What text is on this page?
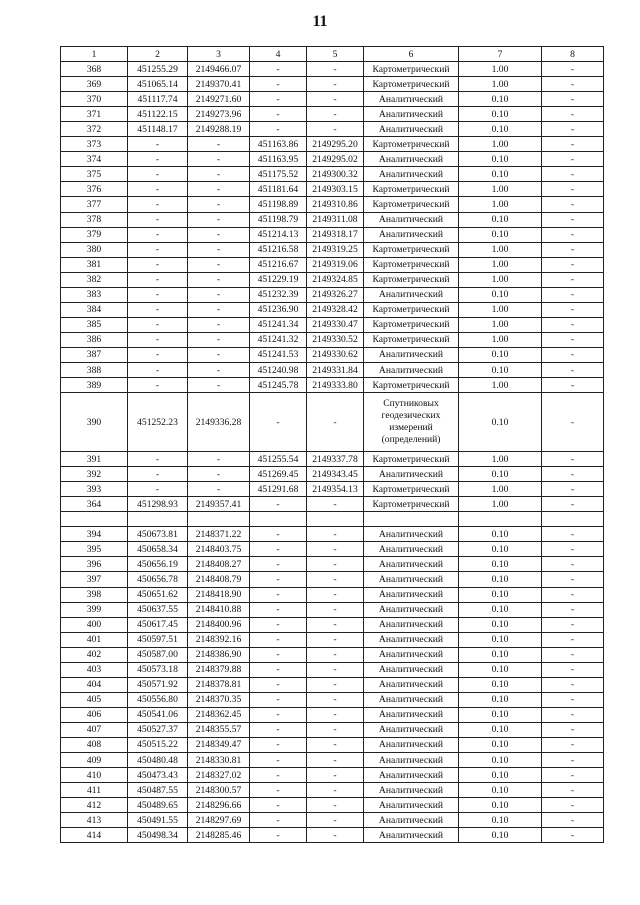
11
1	2	3	4	5	6	7	8
368	451255.29	2149466.07	-	-	Картометрический	1.00	-
369	451065.14	2149370.41	-	-	Картометрический	1.00	-
370	451117.74	2149271.60	-	-	Аналитический	0.10	-
371	451122.15	2149273.96	-	-	Аналитический	0.10	-
372	451148.17	2149288.19	-	-	Аналитический	0.10	-
373	-	-	451163.86	2149295.20	Картометрический	1.00	-
374	-	-	451163.95	2149295.02	Аналитический	0.10	-
375	-	-	451175.52	2149300.32	Аналитический	0.10	-
376	-	-	451181.64	2149303.15	Картометрический	1.00	-
377	-	-	451198.89	2149310.86	Картометрический	1.00	-
378	-	-	451198.79	2149311.08	Аналитический	0.10	-
379	-	-	451214.13	2149318.17	Аналитический	0.10	-
380	-	-	451216.58	2149319.25	Картометрический	1.00	-
381	-	-	451216.67	2149319.06	Картометрический	1.00	-
382	-	-	451229.19	2149324.85	Картометрический	1.00	-
383	-	-	451232.39	2149326.27	Аналитический	0.10	-
384	-	-	451236.90	2149328.42	Картометрический	1.00	-
385	-	-	451241.34	2149330.47	Картометрический	1.00	-
386	-	-	451241.32	2149330.52	Картометрический	1.00	-
387	-	-	451241.53	2149330.62	Аналитический	0.10	-
388	-	-	451240.98	2149331.84	Аналитический	0.10	-
389	-	-	451245.78	2149333.80	Картометрический	1.00	-
390	451252.23	2149336.28	-	-	Спутниковых геодезических измерений (определений)	0.10	-
391	-	-	451255.54	2149337.78	Картометрический	1.00	-
392	-	-	451269.45	2149343.45	Аналитический	0.10	-
393	-	-	451291.68	2149354.13	Картометрический	1.00	-
364	451298.93	2149357.41	-	-	Картометрический	1.00	-

394	450673.81	2148371.22	-	-	Аналитический	0.10	-
395	450658.34	2148403.75	-	-	Аналитический	0.10	-
396	450656.19	2148408.27	-	-	Аналитический	0.10	-
397	450656.78	2148408.79	-	-	Аналитический	0.10	-
398	450651.62	2148418.90	-	-	Аналитический	0.10	-
399	450637.55	2148410.88	-	-	Аналитический	0.10	-
400	450617.45	2148400.96	-	-	Аналитический	0.10	-
401	450597.51	2148392.16	-	-	Аналитический	0.10	-
402	450587.00	2148386.90	-	-	Аналитический	0.10	-
403	450573.18	2148379.88	-	-	Аналитический	0.10	-
404	450571.92	2148378.81	-	-	Аналитический	0.10	-
405	450556.80	2148370.35	-	-	Аналитический	0.10	-
406	450541.06	2148362.45	-	-	Аналитический	0.10	-
407	450527.37	2148355.57	-	-	Аналитический	0.10	-
408	450515.22	2148349.47	-	-	Аналитический	0.10	-
409	450480.48	2148330.81	-	-	Аналитический	0.10	-
410	450473.43	2148327.02	-	-	Аналитический	0.10	-
411	450487.55	2148300.57	-	-	Аналитический	0.10	-
412	450489.65	2148296.66	-	-	Аналитический	0.10	-
413	450491.55	2148297.69	-	-	Аналитический	0.10	-
414	450498.34	2148285.46	-	-	Аналитический	0.10	-
